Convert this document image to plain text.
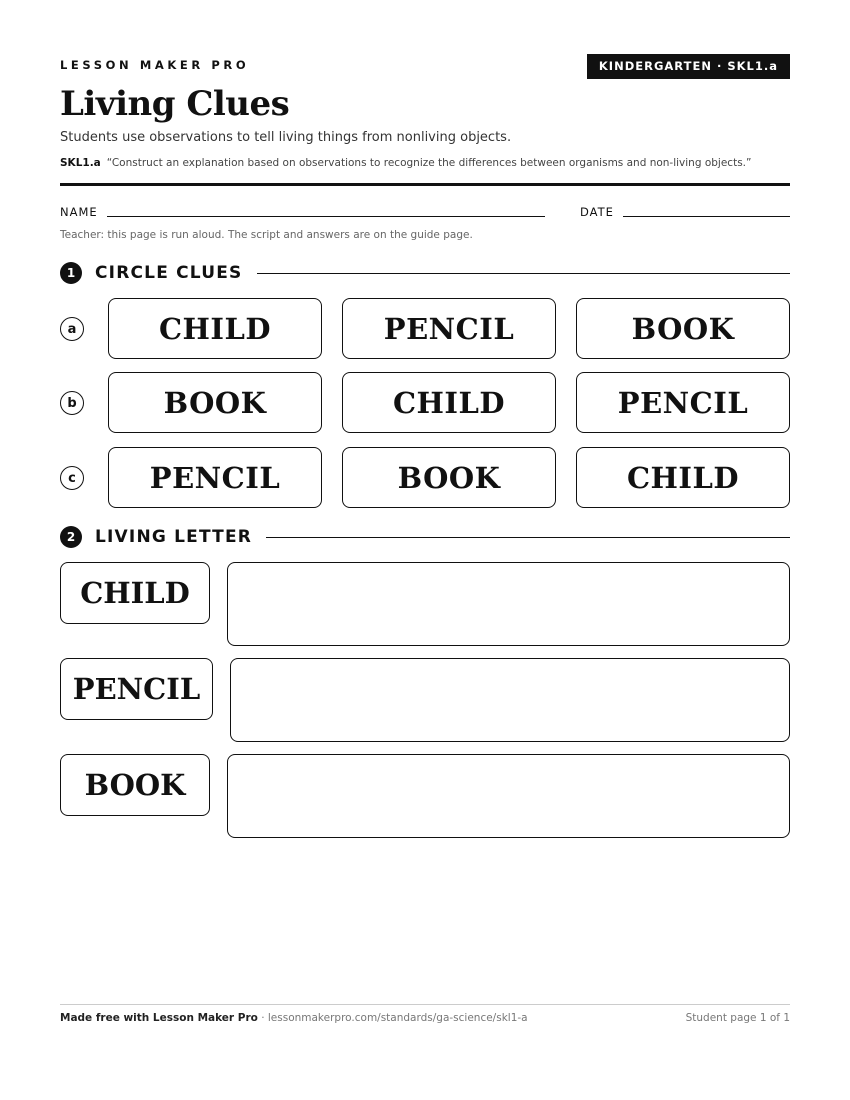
LESSON MAKER PRO	KINDERGARTEN · SKL1.a
Living Clues
Students use observations to tell living things from nonliving objects.
SKL1.a “Construct an explanation based on observations to recognize the differences between organisms and non-living objects.”
NAME	DATE
Teacher: this page is run aloud. The script and answers are on the guide page.
1	CIRCLE CLUES
a	CHILD	PENCIL	BOOK
b	BOOK	CHILD	PENCIL
c	PENCIL	BOOK	CHILD
2	LIVING LETTER
CHILD
PENCIL
BOOK
Made free with Lesson Maker Pro · lessonmakerpro.com/standards/ga-science/skl1-a	Student page 1 of 1
